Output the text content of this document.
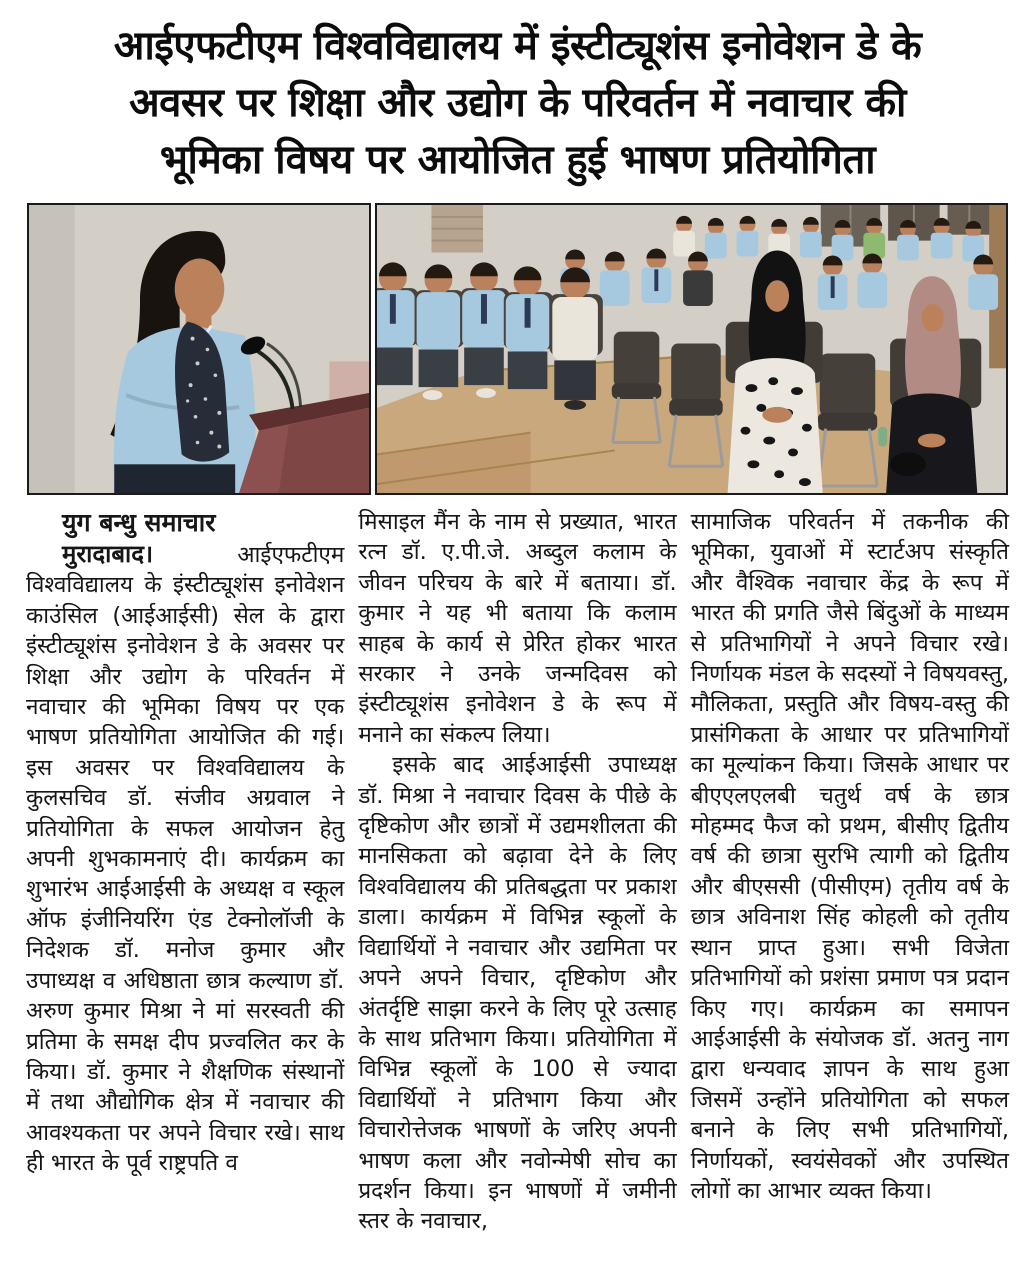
आईएफटीएम विश्वविद्यालय में इंस्टीट्यूशंस इनोवेशन डे के
अवसर पर शिक्षा और उद्योग के परिवर्तन में नवाचार की
भूमिका विषय पर आयोजित हुई भाषण प्रतियोगिता
युग बन्धु समाचार

मुरादाबाद।	आईएफटीएम विश्वविद्यालय के इंस्टीट्यूशंस इनोवेशन काउंसिल (आईआईसी) सेल के द्वारा इंस्टीट्यूशंस इनोवेशन डे के अवसर पर शिक्षा और उद्योग के परिवर्तन में नवाचार की भूमिका विषय पर एक भाषण प्रतियोगिता आयोजित की गई। इस अवसर पर विश्वविद्यालय के कुलसचिव डॉ. संजीव अग्रवाल ने प्रतियोगिता के सफल आयोजन हेतु अपनी शुभकामनाएं दी। कार्यक्रम का शुभारंभ आईआईसी के अध्यक्ष व स्कूल ऑफ इंजीनियरिंग एंड टेक्नोलॉजी के निदेशक डॉ. मनोज कुमार और उपाध्यक्ष व अधिष्ठाता छात्र कल्याण डॉ. अरुण कुमार मिश्रा ने मां सरस्वती की प्रतिमा के समक्ष दीप प्रज्वलित कर के किया। डॉ. कुमार ने शैक्षणिक संस्थानों में तथा औद्योगिक क्षेत्र में नवाचार की आवश्यकता पर अपने विचार रखे। साथ ही भारत के पूर्व राष्ट्रपति व

मिसाइल मैंन के नाम से प्रख्यात, भारत रत्न डॉ. ए.पी.जे. अब्दुल कलाम के जीवन परिचय के बारे में बताया। डॉ. कुमार ने यह भी बताया कि कलाम साहब के कार्य से प्रेरित होकर भारत सरकार ने उनके जन्मदिवस को इंस्टीट्यूशंस इनोवेशन डे के रूप में मनाने का संकल्प लिया।

इसके बाद आईआईसी उपाध्यक्ष डॉ. मिश्रा ने नवाचार दिवस के पीछे के दृष्टिकोण और छात्रों में उद्यमशीलता की मानसिकता को बढ़ावा देने के लिए विश्वविद्यालय की प्रतिबद्धता पर प्रकाश डाला। कार्यक्रम में विभिन्न स्कूलों के विद्यार्थियों ने नवाचार और उद्यमिता पर अपने अपने विचार, दृष्टिकोण और अंतर्दृष्टि साझा करने के लिए पूरे उत्साह के साथ प्रतिभाग किया। प्रतियोगिता में विभिन्न स्कूलों के 100 से ज्यादा विद्यार्थियों ने प्रतिभाग किया और विचारोत्तेजक भाषणों के जरिए अपनी भाषण कला और नवोन्मेषी सोच का प्रदर्शन किया। इन भाषणों में जमीनी स्तर के नवाचार,

सामाजिक परिवर्तन में तकनीक की भूमिका, युवाओं में स्टार्टअप संस्कृति और वैश्विक नवाचार केंद्र के रूप में भारत की प्रगति जैसे बिंदुओं के माध्यम से प्रतिभागियों ने अपने विचार रखे। निर्णायक मंडल के सदस्यों ने विषयवस्तु, मौलिकता, प्रस्तुति और विषय-वस्तु की प्रासंगिकता के आधार पर प्रतिभागियों का मूल्यांकन किया। जिसके आधार पर बीएएलएलबी चतुर्थ वर्ष के छात्र मोहम्मद फैज को प्रथम, बीसीए द्वितीय वर्ष की छात्रा सुरभि त्यागी को द्वितीय और बीएससी (पीसीएम) तृतीय वर्ष के छात्र अविनाश सिंह कोहली को तृतीय स्थान प्राप्त हुआ। सभी विजेता प्रतिभागियों को प्रशंसा प्रमाण पत्र प्रदान किए गए। कार्यक्रम का समापन आईआईसी के संयोजक डॉ. अतनु नाग द्वारा धन्यवाद ज्ञापन के साथ हुआ जिसमें उन्होंने प्रतियोगिता को सफल बनाने के लिए सभी प्रतिभागियों, निर्णायकों, स्वयंसेवकों और उपस्थित लोगों का आभार व्यक्त किया।
